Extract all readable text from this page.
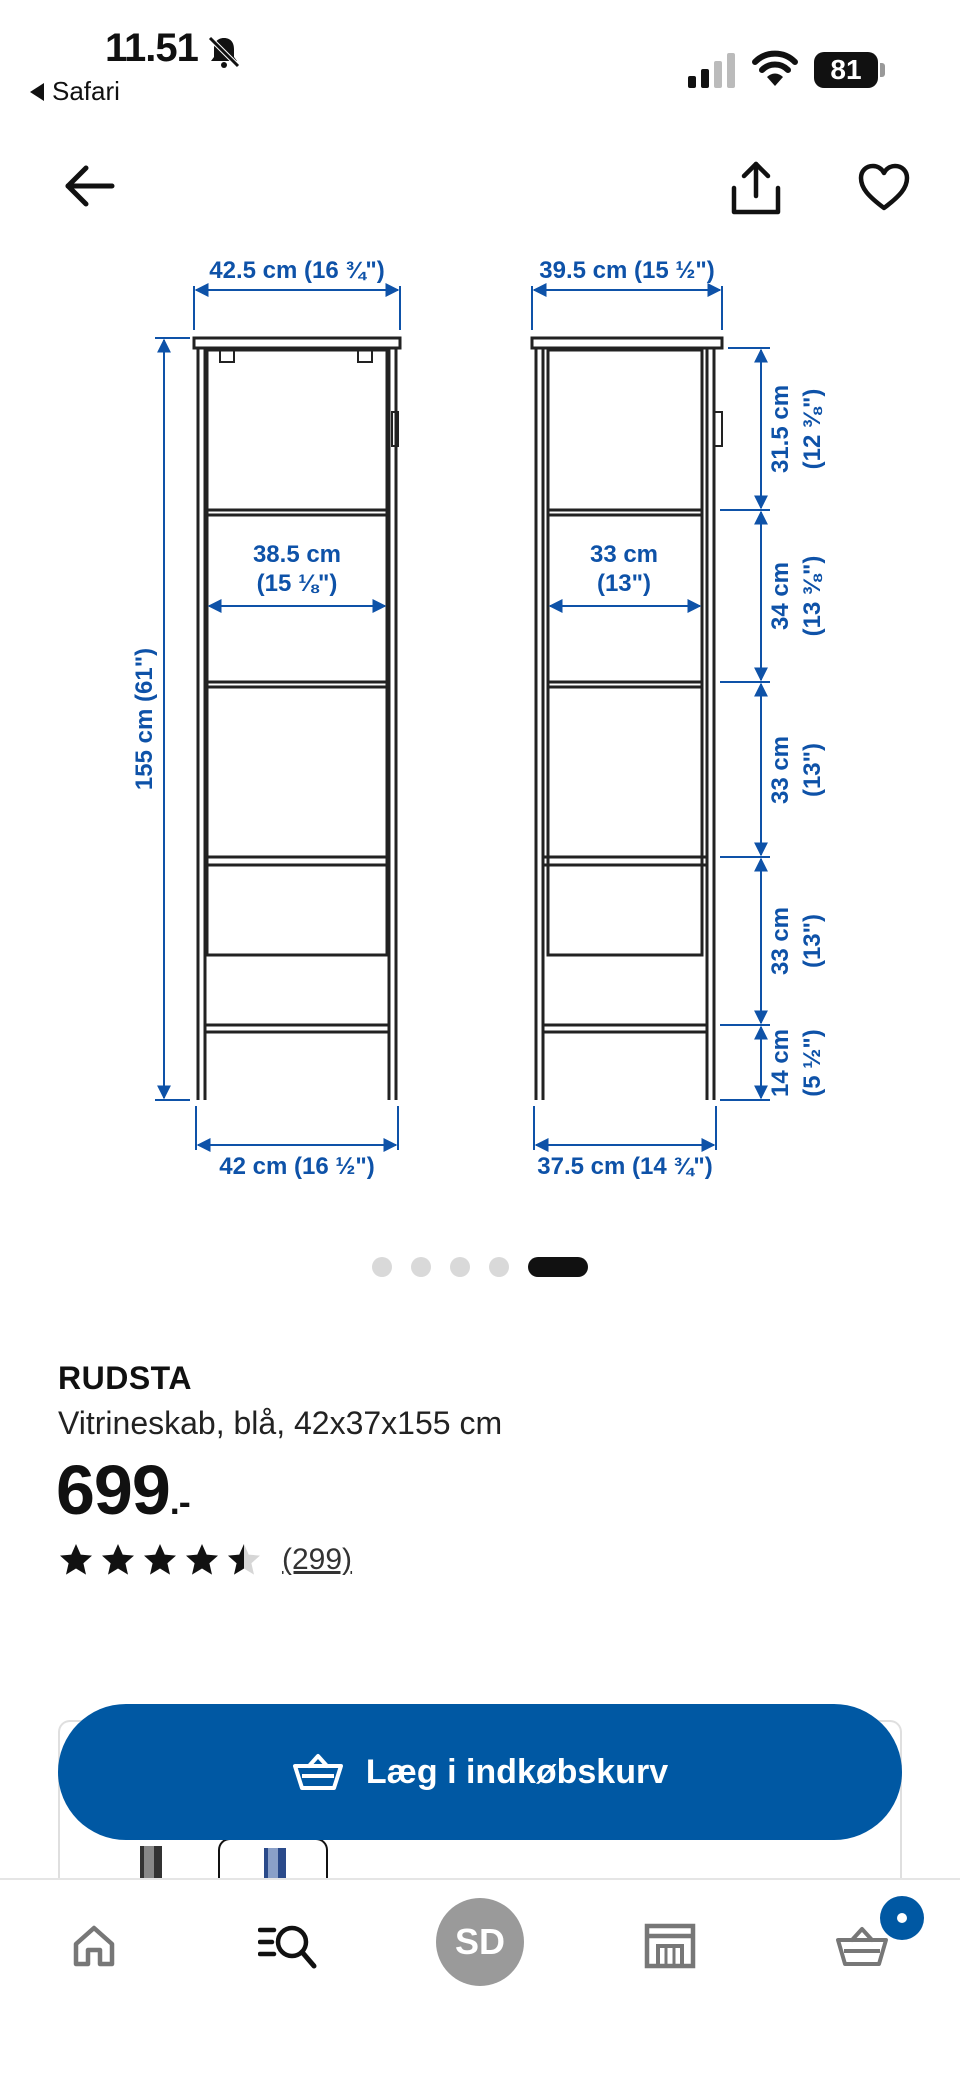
11.51
Safari
81
42.5 cm (16 ¾")
155 cm (61")
38.5 cm
(15 ⅛")
42 cm (16 ½")
39.5 cm (15 ½")
33 cm
(13")
37.5 cm (14 ¾")
31.5 cm (12 ⅜")
34 cm (13 ⅜")
33 cm (13")
33 cm (13")
14 cm (5 ½")
RUDSTA
Vitrineskab, blå, 42x37x155 cm
699.-
(299)
Læg i indkøbskurv
SD
